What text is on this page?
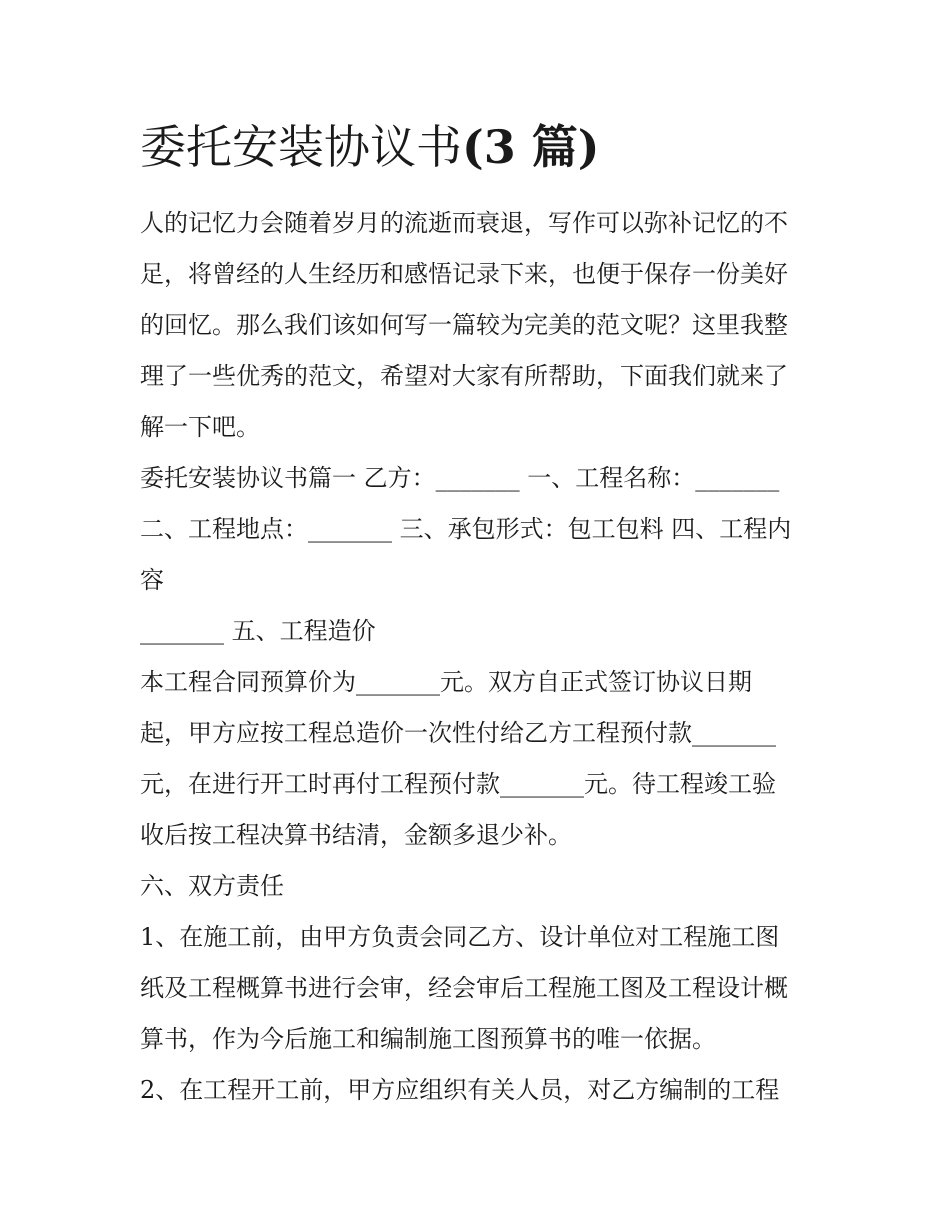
委托安装协议书(3 篇)
人的记忆力会随着岁月的流逝而衰退，写作可以弥补记忆的不
足，将曾经的人生经历和感悟记录下来，也便于保存一份美好
的回忆。那么我们该如何写一篇较为完美的范文呢？这里我整
理了一些优秀的范文，希望对大家有所帮助，下面我们就来了
解一下吧。
委托安装协议书篇一 乙方：_______ 一、工程名称：_______
二、工程地点：_______ 三、承包形式：包工包料 四、工程内
容
_______ 五、工程造价
本工程合同预算价为_______元。双方自正式签订协议日期
起，甲方应按工程总造价一次性付给乙方工程预付款_______
元，在进行开工时再付工程预付款_______元。待工程竣工验
收后按工程决算书结清，金额多退少补。
六、双方责任
1、在施工前，由甲方负责会同乙方、设计单位对工程施工图
纸及工程概算书进行会审，经会审后工程施工图及工程设计概
算书，作为今后施工和编制施工图预算书的唯一依据。
2、在工程开工前，甲方应组织有关人员，对乙方编制的工程
